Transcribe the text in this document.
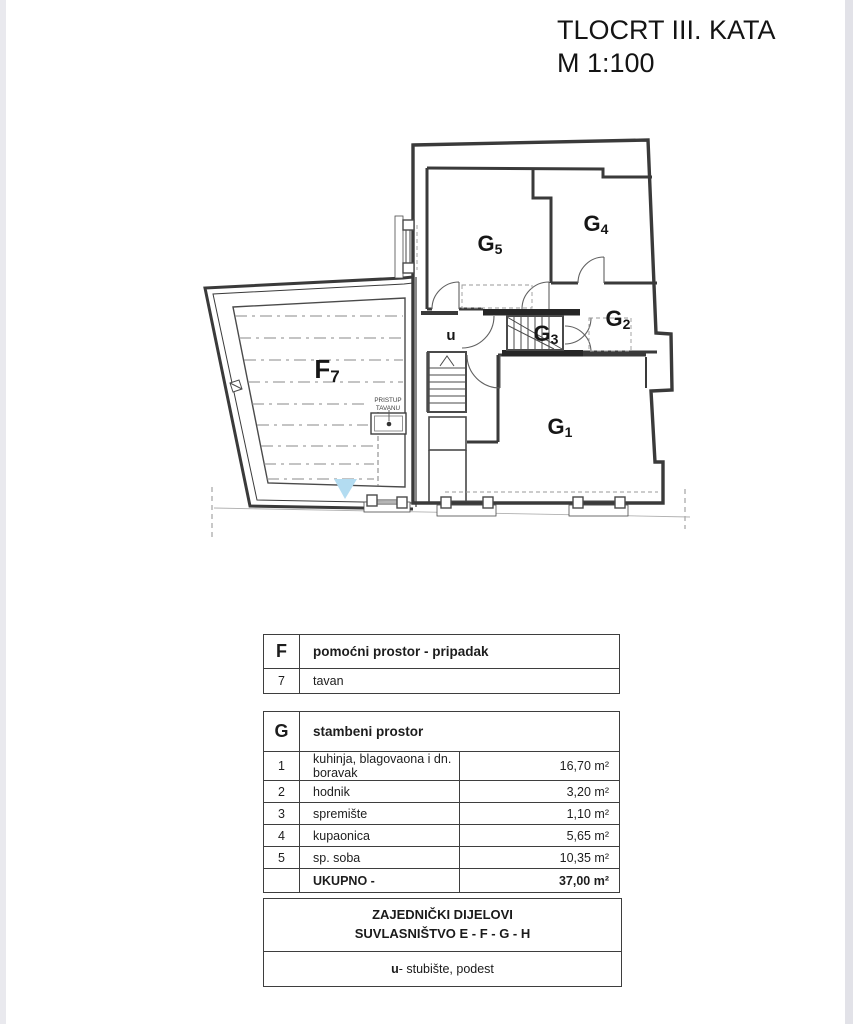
TLOCRT III. KATA
M 1:100
PRISTUP
TAVANU
G5
G4
G2
G3
G1
F7
u
F	pomoćni prostor - pripadak
7	tavan
G	stambeni prostor	
1	kuhinja, blagovaona i dn. boravak	16,70 m²
2	hodnik	3,20 m²
3	spremište	1,10 m²
4	kupaonica	5,65 m²
5	sp. soba	10,35 m²
	UKUPNO -	37,00 m²
ZAJEDNIČKI DIJELOVI
SUVLASNIŠTVO E - F - G - H
u - stubište, podest
